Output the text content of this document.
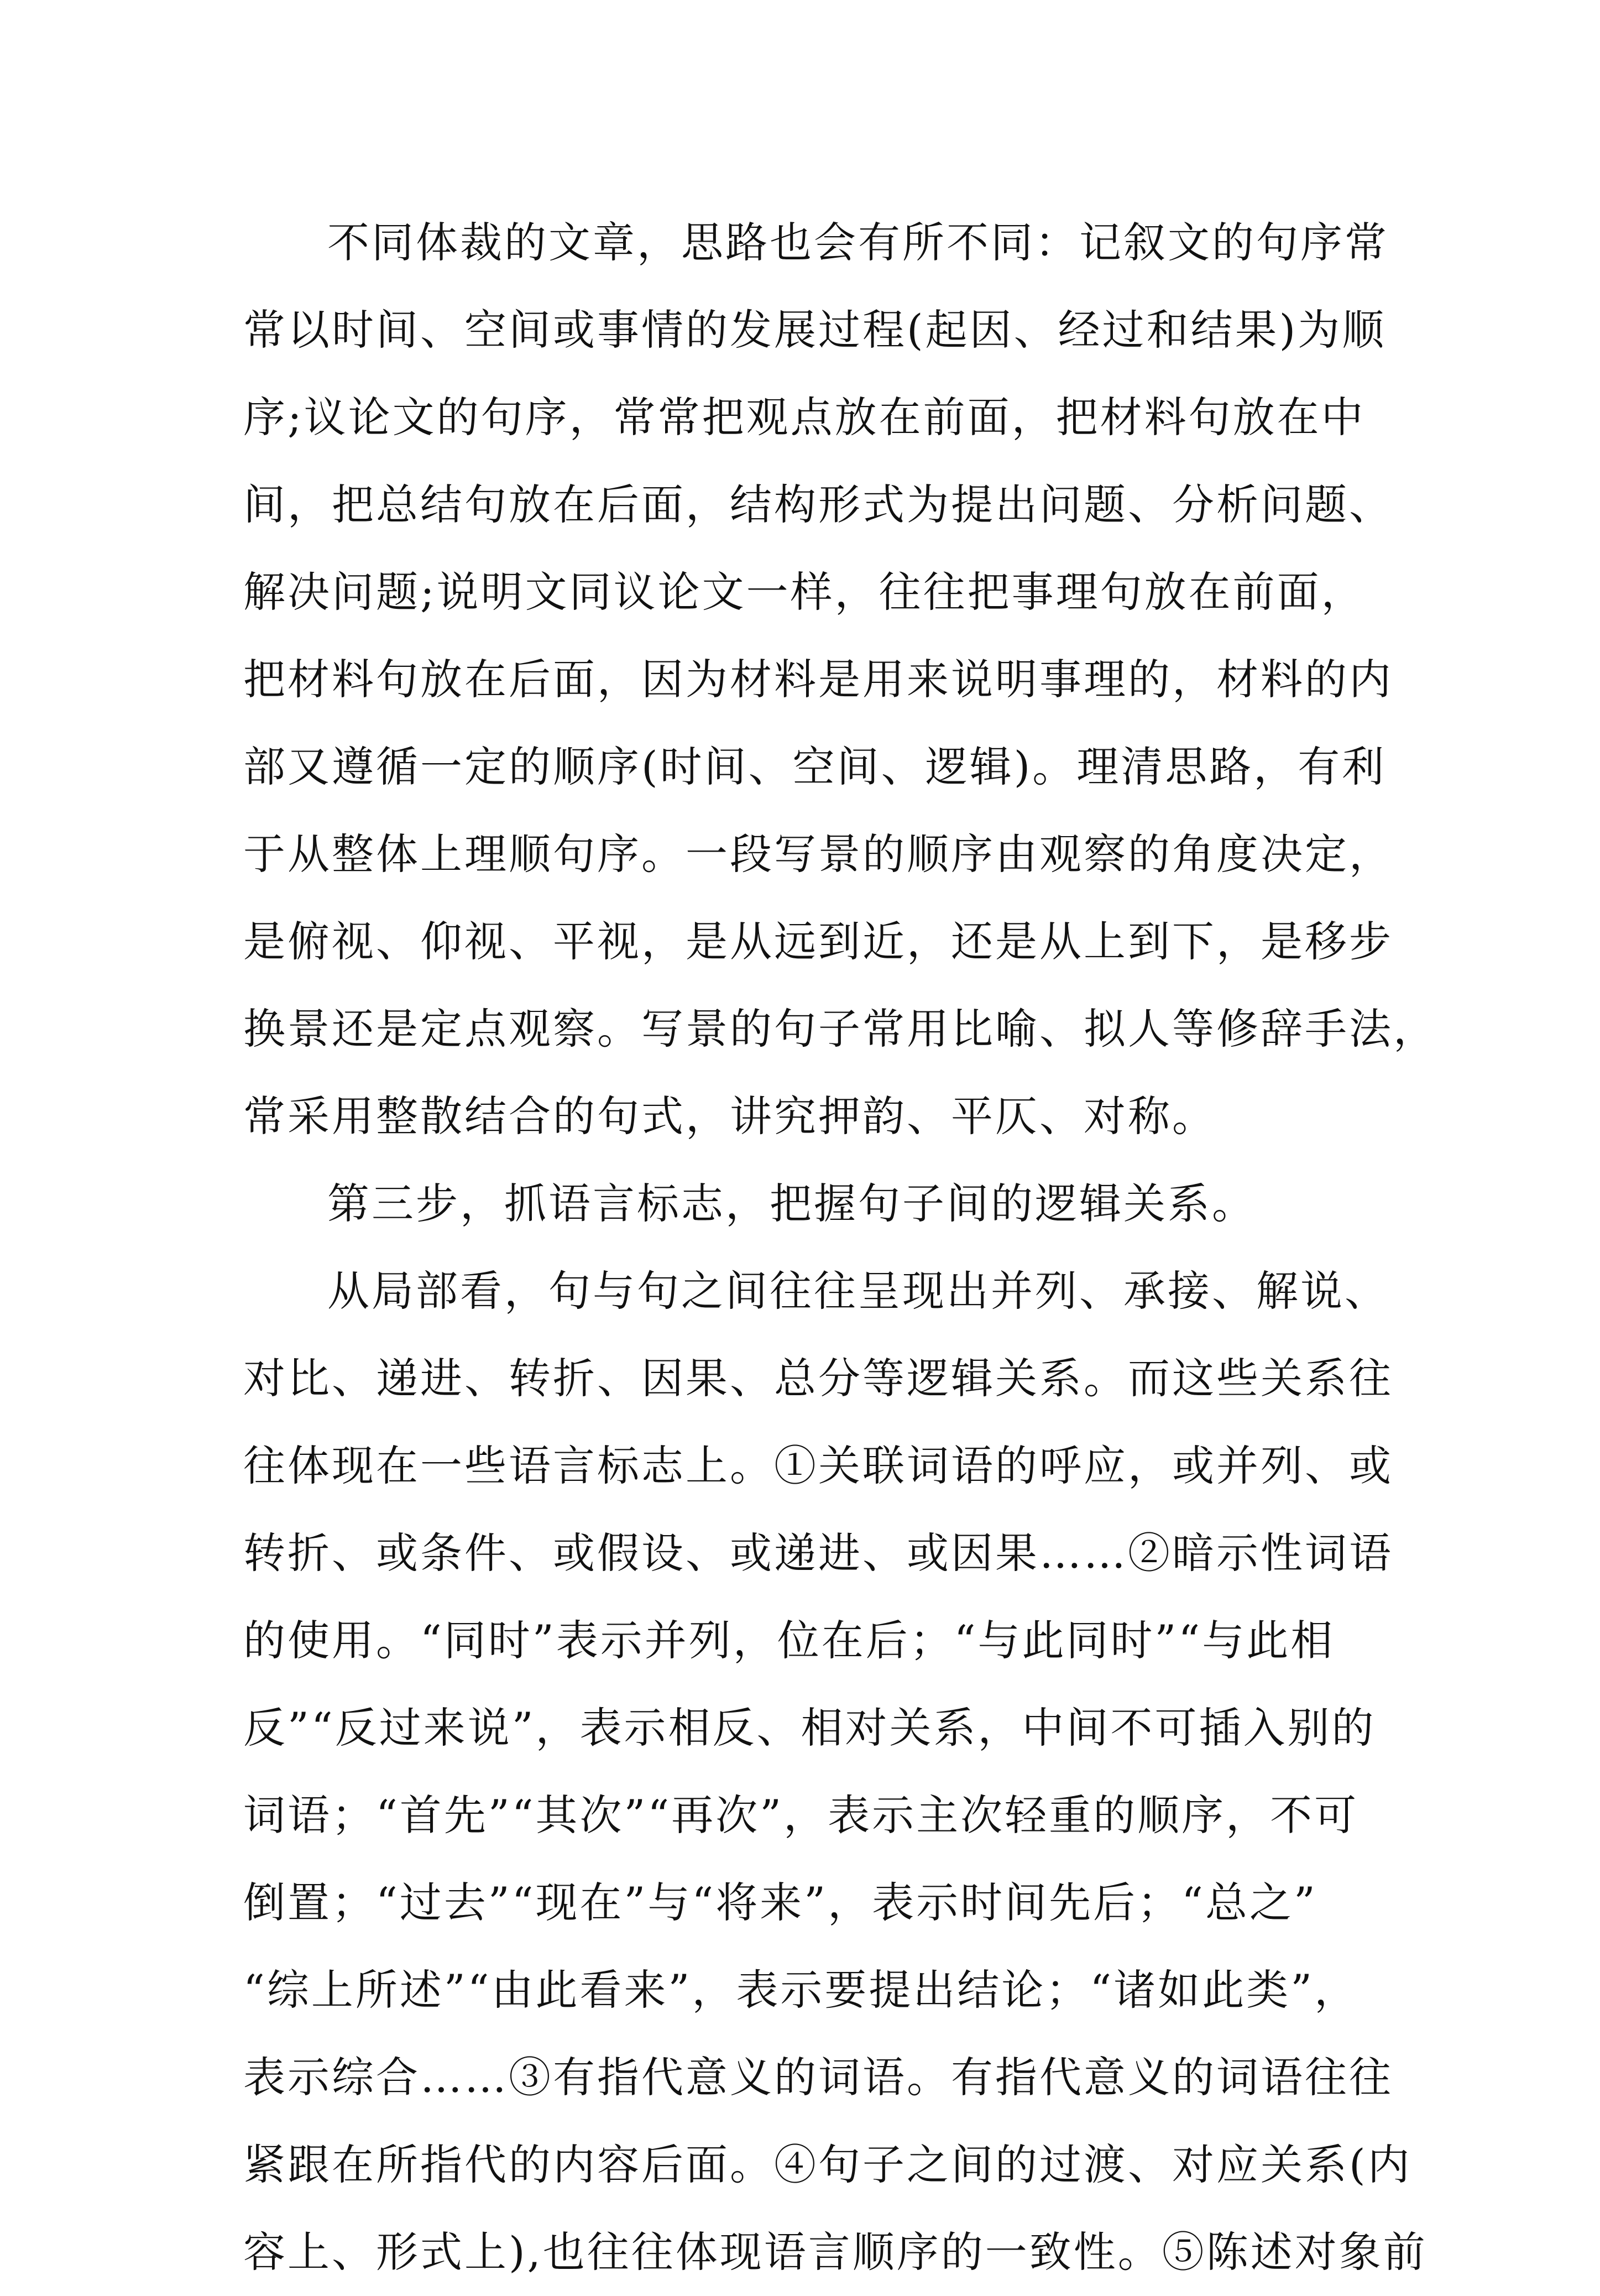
不同体裁的文章，思路也会有所不同：记叙文的句序常
常以时间、空间或事情的发展过程(起因、经过和结果)为顺
序;议论文的句序，常常把观点放在前面，把材料句放在中
间，把总结句放在后面，结构形式为提出问题、分析问题、
解决问题;说明文同议论文一样，往往把事理句放在前面，
把材料句放在后面，因为材料是用来说明事理的，材料的内
部又遵循一定的顺序(时间、空间、逻辑)。理清思路，有利
于从整体上理顺句序。一段写景的顺序由观察的角度决定，
是俯视、仰视、平视，是从远到近，还是从上到下，是移步
换景还是定点观察。写景的句子常用比喻、拟人等修辞手法，
常采用整散结合的句式，讲究押韵、平仄、对称。
第三步，抓语言标志，把握句子间的逻辑关系。
从局部看，句与句之间往往呈现出并列、承接、解说、
对比、递进、转折、因果、总分等逻辑关系。而这些关系往
往体现在一些语言标志上。①关联词语的呼应，或并列、或
转折、或条件、或假设、或递进、或因果……②暗示性词语
的使用。“同时”表示并列，位在后；“与此同时”“与此相
反”“反过来说”，表示相反、相对关系，中间不可插入别的
词语；“首先”“其次”“再次”，表示主次轻重的顺序，不可
倒置；“过去”“现在”与“将来”，表示时间先后；“总之”
“综上所述”“由此看来”，表示要提出结论；“诸如此类”，
表示综合……③有指代意义的词语。有指代意义的词语往往
紧跟在所指代的内容后面。④句子之间的过渡、对应关系(内
容上、形式上),也往往体现语言顺序的一致性。⑤陈述对象前
